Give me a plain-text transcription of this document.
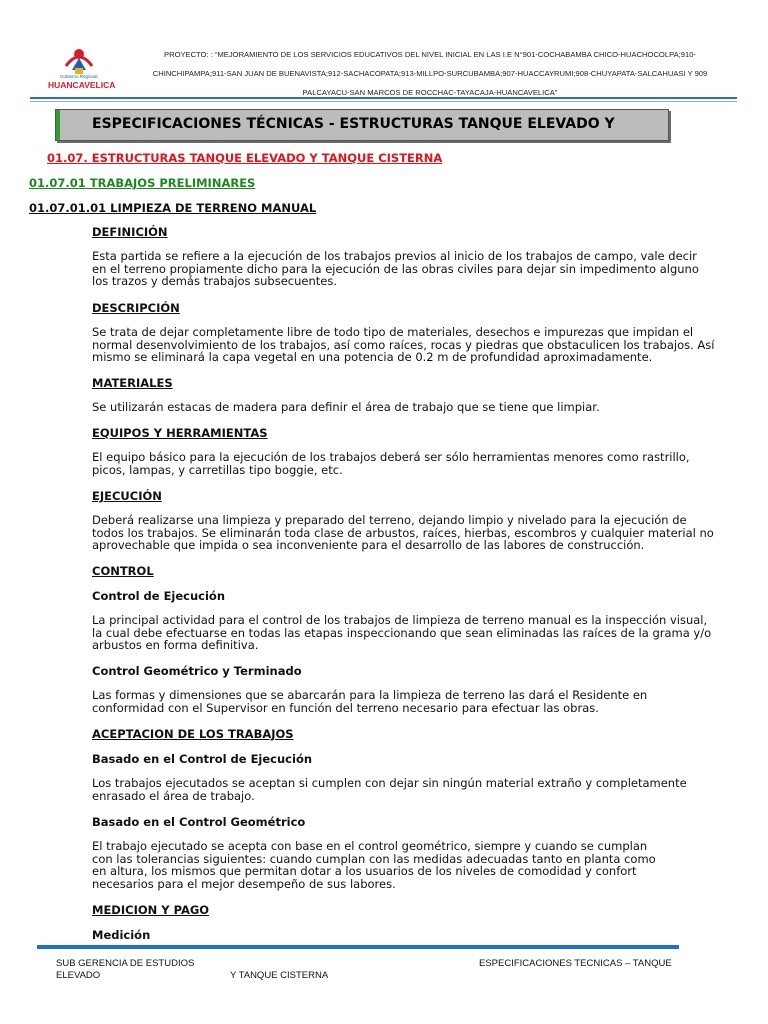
HUANCAVELICA
Gobierno Regional
PROYECTO: : “MEJORAMIENTO DE LOS SERVICIOS EDUCATIVOS DEL NIVEL INICIAL EN LAS I.E N°901-COCHABAMBA CHICO-HUACHOCOLPA;910-
CHINCHIPAMPA;911-SAN JUAN DE BUENAVISTA;912-SACHACOPATA;913-MILLPO-SURCUBAMBA;907-HUACCAYRUMI;908-CHUYAPATA-SALCAHUASI Y 909
PALCAYACU-SAN MARCOS DE ROCCHAC-TAYACAJA-HUANCAVELICA”
ESPECIFICACIONES TÉCNICAS - ESTRUCTURAS TANQUE ELEVADO Y
01.07. ESTRUCTURAS TANQUE ELEVADO Y TANQUE CISTERNA
01.07.01 TRABAJOS PRELIMINARES
01.07.01.01 LIMPIEZA DE TERRENO MANUAL
DEFINICIÓN
Esta partida se refiere a la ejecución de los trabajos previos al inicio de los trabajos de campo, vale decir
en el terreno propiamente dicho para la ejecución de las obras civiles para dejar sin impedimento alguno
los trazos y demás trabajos subsecuentes.
DESCRIPCIÓN
Se trata de dejar completamente libre de todo tipo de materiales, desechos e impurezas que impidan el
normal desenvolvimiento de los trabajos, así como raíces, rocas y piedras que obstaculicen los trabajos. Así
mismo se eliminará la capa vegetal en una potencia de 0.2 m de profundidad aproximadamente.
MATERIALES
Se utilizarán estacas de madera para definir el área de trabajo que se tiene que limpiar.
EQUIPOS Y HERRAMIENTAS
El equipo básico para la ejecución de los trabajos deberá ser sólo herramientas menores como rastrillo,
picos, lampas, y carretillas tipo boggie, etc.
EJECUCIÓN
Deberá realizarse una limpieza y preparado del terreno, dejando limpio y nivelado para la ejecución de
todos los trabajos. Se eliminarán toda clase de arbustos, raíces, hierbas, escombros y cualquier material no
aprovechable que impida o sea inconveniente para el desarrollo de las labores de construcción.
CONTROL
Control de Ejecución
La principal actividad para el control de los trabajos de limpieza de terreno manual es la inspección visual,
la cual debe efectuarse en todas las etapas inspeccionando que sean eliminadas las raíces de la grama y/o
arbustos en forma definitiva.
Control Geométrico y Terminado
Las formas y dimensiones que se abarcarán para la limpieza de terreno las dará el Residente en
conformidad con el Supervisor en función del terreno necesario para efectuar las obras.
ACEPTACION DE LOS TRABAJOS
Basado en el Control de Ejecución
Los trabajos ejecutados se aceptan si cumplen con dejar sin ningún material extraño y completamente
enrasado el área de trabajo.
Basado en el Control Geométrico
El trabajo ejecutado se acepta con base en el control geométrico, siempre y cuando se cumplan
con las tolerancias siguientes: cuando cumplan con las medidas adecuadas tanto en planta como
en altura, los mismos que permitan dotar a los usuarios de los niveles de comodidad y confort
necesarios para el mejor desempeño de sus labores.
MEDICION Y PAGO
Medición
SUB GERENCIA DE ESTUDIOS
ELEVADO	Y TANQUE CISTERNA
ESPECIFICACIONES TECNICAS – TANQUE
